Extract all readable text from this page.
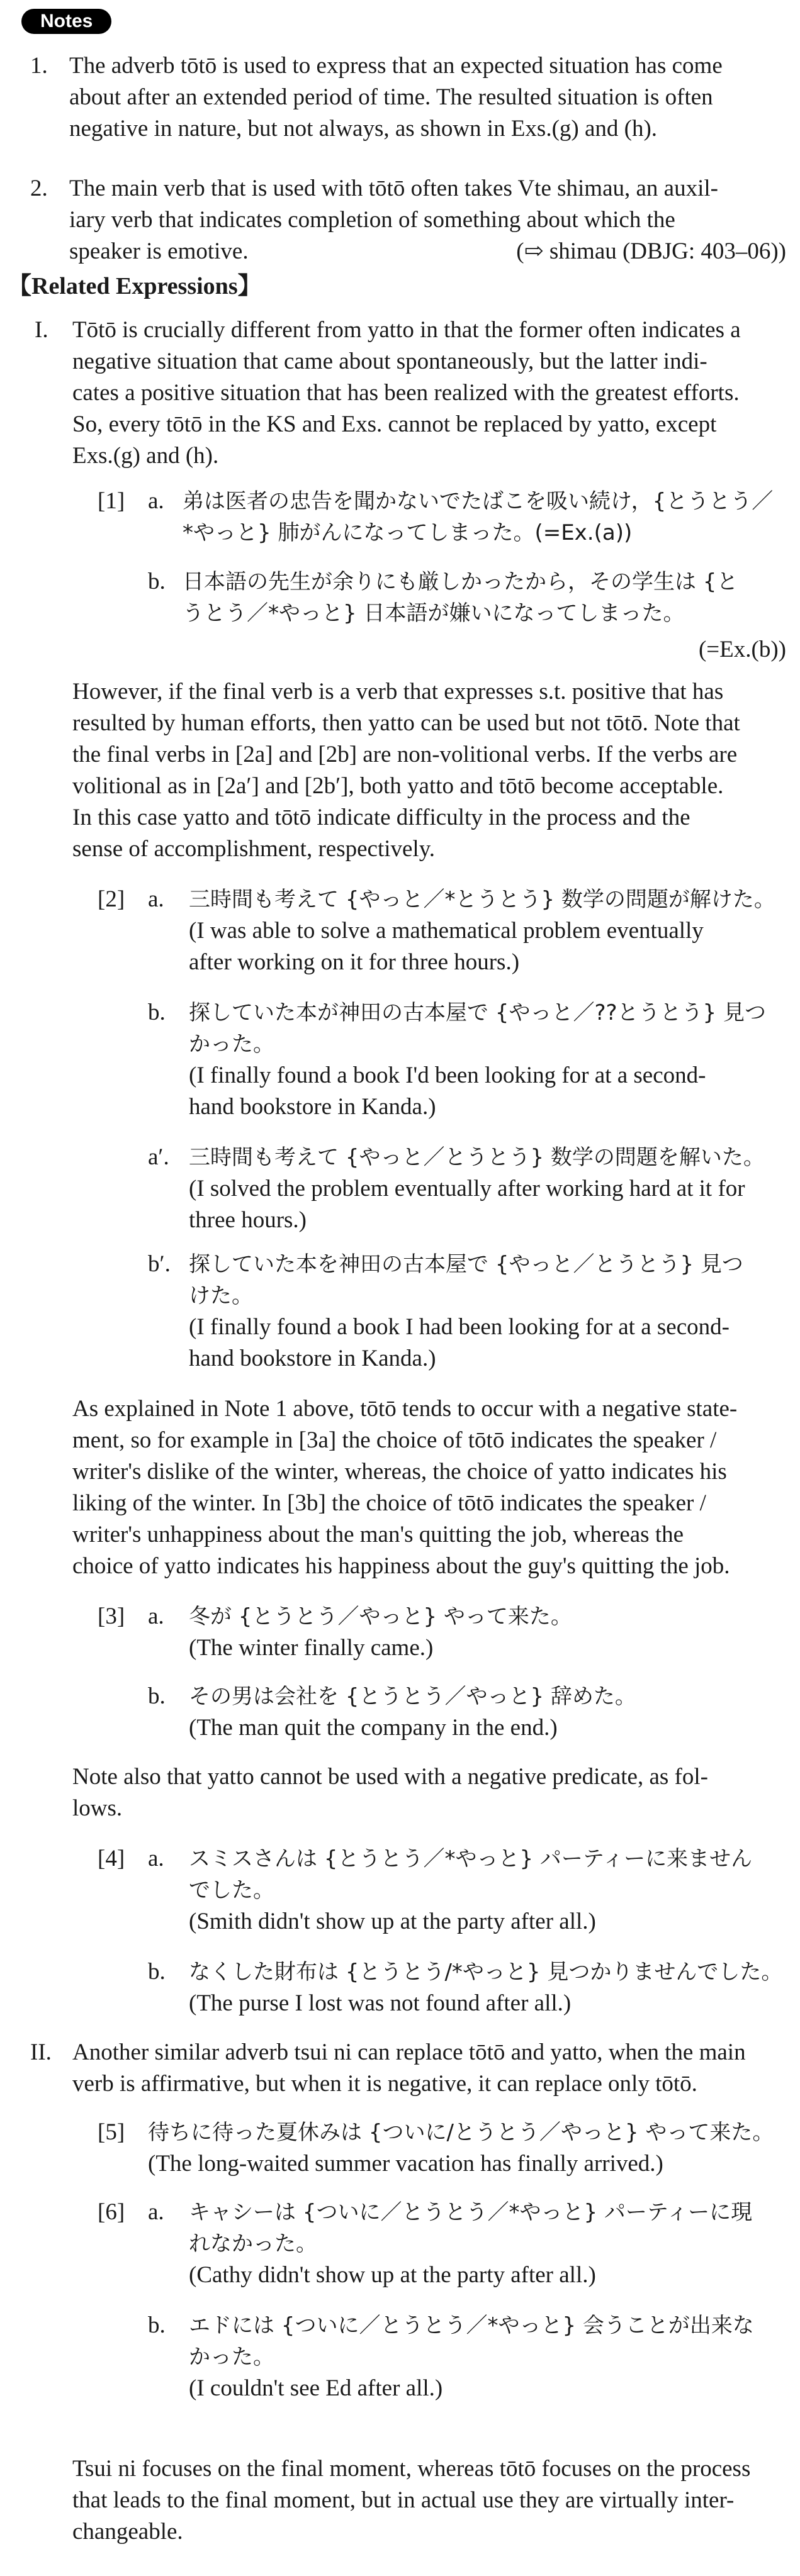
Notes
1. The adverb tōtō is used to express that an expected situation has come
about after an extended period of time. The resulted situation is often
negative in nature, but not always, as shown in Exs.(g) and (h).
2. The main verb that is used with tōtō often takes Vte shimau, an auxil-
iary verb that indicates completion of something about which the
speaker is emotive.	(⇨ shimau (DBJG: 403–06))
【Related Expressions】
I. Tōtō is crucially different from yatto in that the former often indicates a
negative situation that came about spontaneously, but the latter indi-
cates a positive situation that has been realized with the greatest efforts.
So, every tōtō in the KS and Exs. cannot be replaced by yatto, except
Exs.(g) and (h).
[1] a. 弟は医者の忠告を聞かないでたばこを吸い続け，{とうとう／
*やっと} 肺がんになってしまった。(=Ex.(a))
b. 日本語の先生が余りにも厳しかったから，その学生は {と
うとう／*やっと} 日本語が嫌いになってしまった。
(=Ex.(b))
However, if the final verb is a verb that expresses s.t. positive that has
resulted by human efforts, then yatto can be used but not tōtō. Note that
the final verbs in [2a] and [2b] are non-volitional verbs. If the verbs are
volitional as in [2a′] and [2b′], both yatto and tōtō become acceptable.
In this case yatto and tōtō indicate difficulty in the process and the
sense of accomplishment, respectively.
[2] a. 三時間も考えて {やっと／*とうとう} 数学の問題が解けた。
(I was able to solve a mathematical problem eventually
after working on it for three hours.)
b. 探していた本が神田の古本屋で {やっと／??とうとう} 見つ
かった。
(I finally found a book I'd been looking for at a second-
hand bookstore in Kanda.)
a′. 三時間も考えて {やっと／とうとう} 数学の問題を解いた。
(I solved the problem eventually after working hard at it for
three hours.)
b′. 探していた本を神田の古本屋で {やっと／とうとう} 見つ
けた。
(I finally found a book I had been looking for at a second-
hand bookstore in Kanda.)
As explained in Note 1 above, tōtō tends to occur with a negative state-
ment, so for example in [3a] the choice of tōtō indicates the speaker /
writer's dislike of the winter, whereas, the choice of yatto indicates his
liking of the winter. In [3b] the choice of tōtō indicates the speaker /
writer's unhappiness about the man's quitting the job, whereas the
choice of yatto indicates his happiness about the guy's quitting the job.
[3] a. 冬が {とうとう／やっと} やって来た。
(The winter finally came.)
b. その男は会社を {とうとう／やっと} 辞めた。
(The man quit the company in the end.)
Note also that yatto cannot be used with a negative predicate, as fol-
lows.
[4] a. スミスさんは {とうとう／*やっと} パーティーに来ません
でした。
(Smith didn't show up at the party after all.)
b. なくした財布は {とうとう/*やっと} 見つかりませんでした。
(The purse I lost was not found after all.)
II. Another similar adverb tsui ni can replace tōtō and yatto, when the main
verb is affirmative, but when it is negative, it can replace only tōtō.
[5] 待ちに待った夏休みは {ついに/とうとう／やっと} やって来た。
(The long-waited summer vacation has finally arrived.)
[6] a. キャシーは {ついに／とうとう／*やっと} パーティーに現
れなかった。
(Cathy didn't show up at the party after all.)
b. エドには {ついに／とうとう／*やっと} 会うことが出来な
かった。
(I couldn't see Ed after all.)
Tsui ni focuses on the final moment, whereas tōtō focuses on the process
that leads to the final moment, but in actual use they are virtually inter-
changeable.
